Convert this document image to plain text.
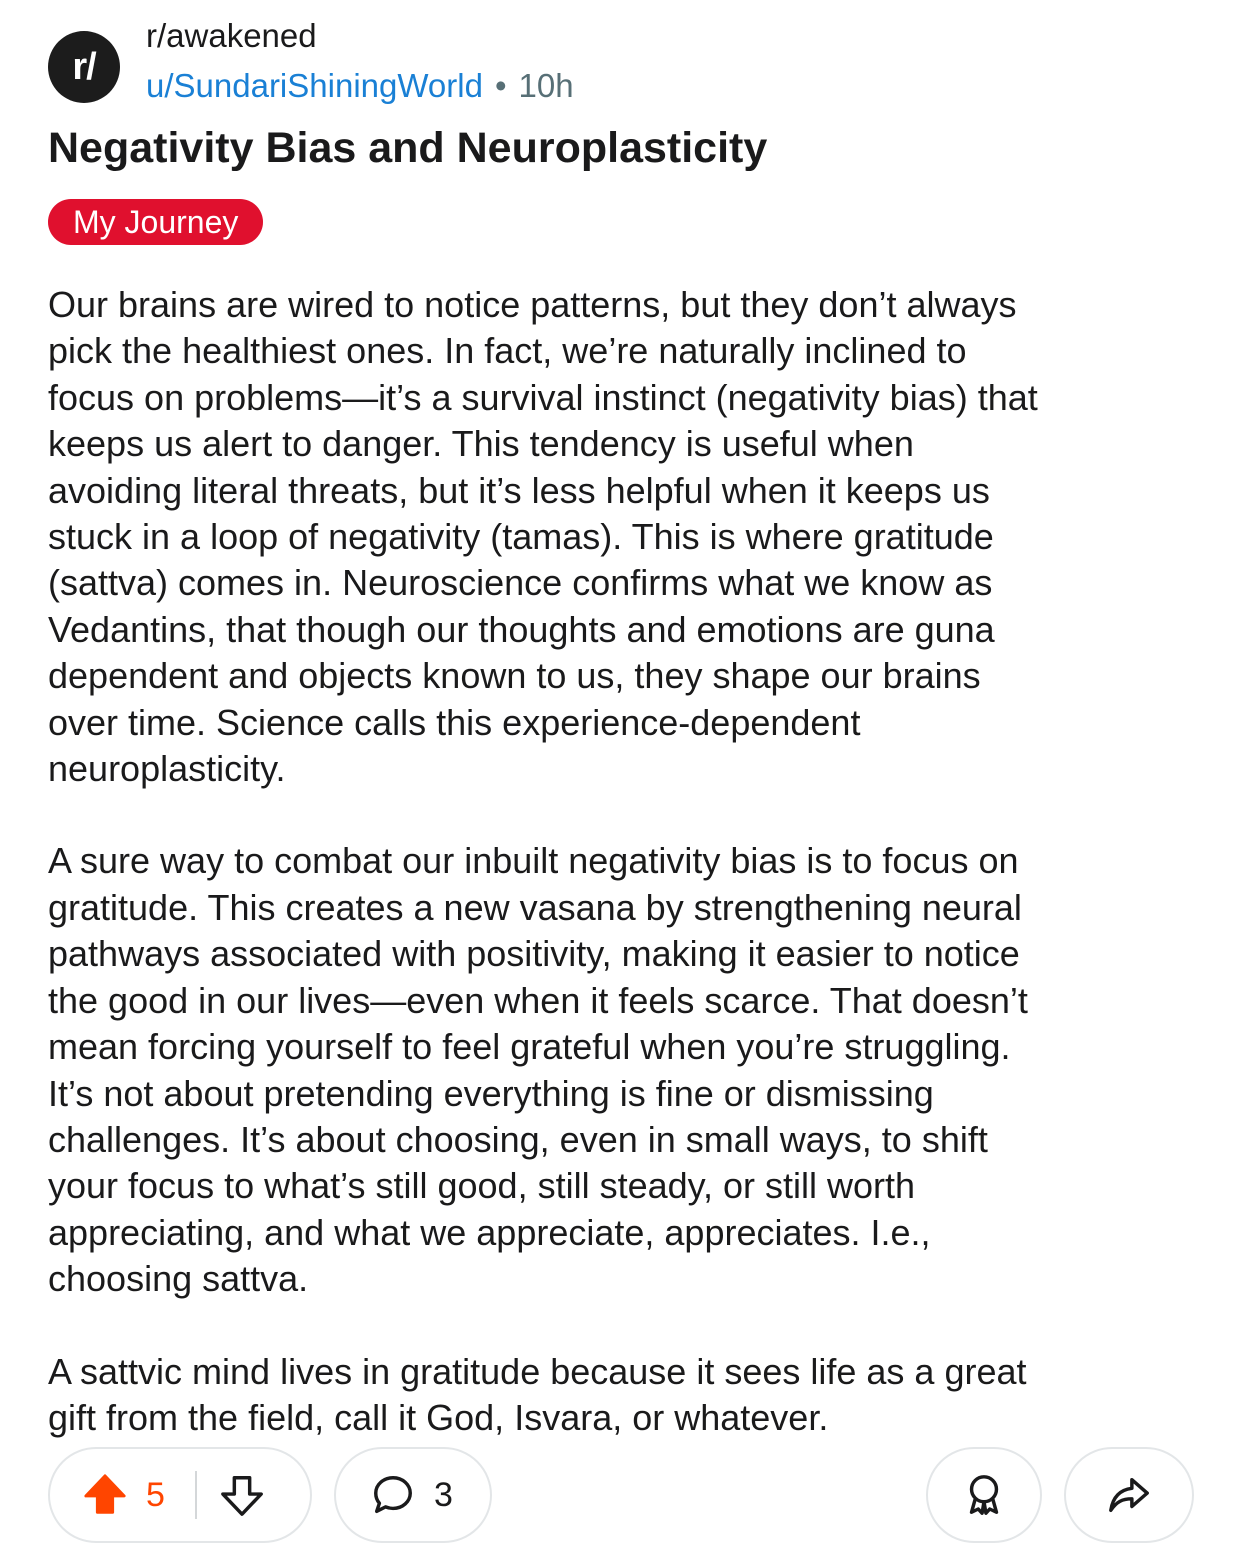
r/
r/awakened
u/SundariShiningWorld • 10h
Negativity Bias and Neuroplasticity
My Journey
Our brains are wired to notice patterns, but they don’t always
pick the healthiest ones. In fact, we’re naturally inclined to
focus on problems—it’s a survival instinct (negativity bias) that
keeps us alert to danger. This tendency is useful when
avoiding literal threats, but it’s less helpful when it keeps us
stuck in a loop of negativity (tamas). This is where gratitude
(sattva) comes in. Neuroscience confirms what we know as
Vedantins, that though our thoughts and emotions are guna
dependent and objects known to us, they shape our brains
over time. Science calls this experience-dependent
neuroplasticity.
A sure way to combat our inbuilt negativity bias is to focus on
gratitude. This creates a new vasana by strengthening neural
pathways associated with positivity, making it easier to notice
the good in our lives—even when it feels scarce. That doesn’t
mean forcing yourself to feel grateful when you’re struggling.
It’s not about pretending everything is fine or dismissing
challenges. It’s about choosing, even in small ways, to shift
your focus to what’s still good, still steady, or still worth
appreciating, and what we appreciate, appreciates. I.e.,
choosing sattva.
A sattvic mind lives in gratitude because it sees life as a great
gift from the field, call it God, Isvara, or whatever.
5	3
